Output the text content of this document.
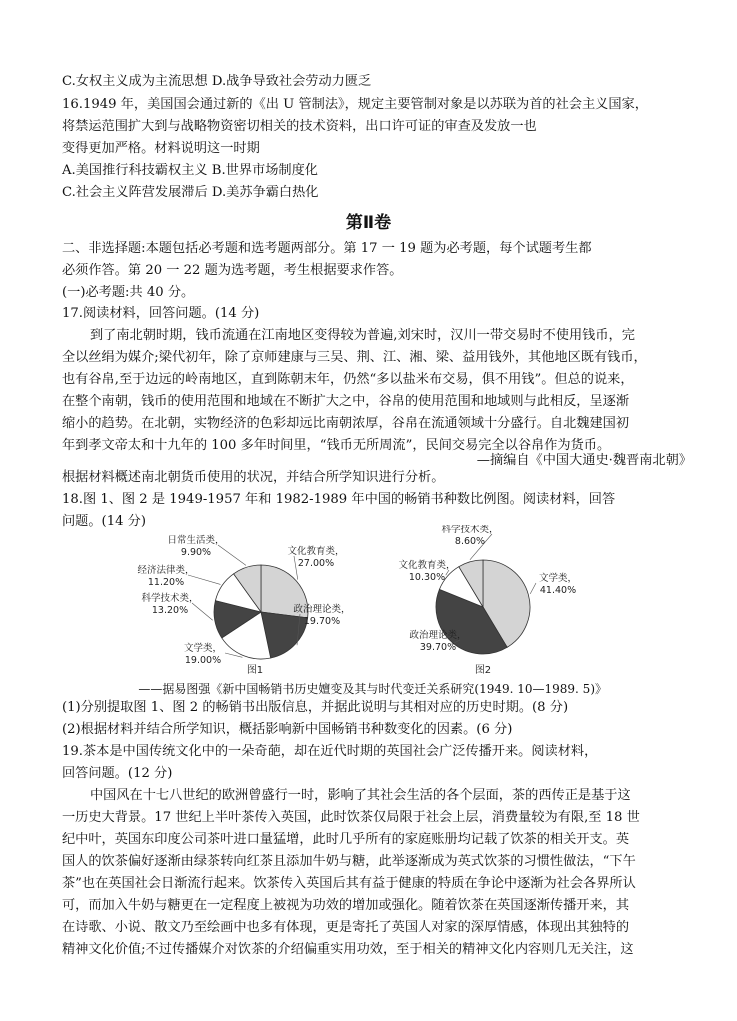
C.女权主义成为主流思想 D.战争导致社会劳动力匮乏
16.1949 年，美国国会通过新的《出 U 管制法》，规定主要管制对象是以苏联为首的社会主义国家，
将禁运范围扩大到与战略物资密切相关的技术资料，出口许可证的审查及发放一也
变得更加严格。材料说明这一时期
A.美国推行科技霸权主义 B.世界市场制度化
C.社会主义阵营发展滞后 D.美苏争霸白热化
第Ⅱ卷
二、非选择题:本题包括必考题和选考题两部分。第 17 一 19 题为必考题，每个试题考生都
必须作答。第 20 一 22 题为选考题，考生根据要求作答。
(一)必考题:共 40 分。
17.阅读材料，回答问题。(14 分)
到了南北朝时期，钱币流通在江南地区变得较为普遍,刘宋时，汉川一带交易时不使用钱币，完
全以丝绢为媒介;梁代初年，除了京师建康与三吴、荆、江、湘、梁、益用钱外，其他地区既有钱币，
也有谷帛,至于边远的岭南地区，直到陈朝末年，仍然“多以盐米布交易，俱不用钱”。但总的说来，
在整个南朝，钱币的使用范围和地域在不断扩大之中，谷帛的使用范围和地域则与此相反，呈逐渐
缩小的趋势。在北朝，实物经济的色彩却远比南朝浓厚，谷帛在流通领域十分盛行。自北魏建国初
年到孝文帝太和十九年的 100 多年时间里，“钱币无所周流”，民间交易完全以谷帛作为货币。
—摘编自《中国大通史·魏晋南北朝》
根据材料概述南北朝货币使用的状况，并结合所学知识进行分析。
18.图 1、图 2 是 1949-1957 年和 1982-1989 年中国的畅销书种数比例图。阅读材料，回答
问题。(14 分)
文化教育类，
27.00%
政治理论类，
19.70%
文学类，
19.00%
科学技术类，
13.20%
经济法律类，
11.20%
日常生活类，
9.90%
图1
文学类，
41.40%
政治理论类，
39.70%
文化教育类，
10.30%
科学技术类，
8.60%
图2
——据易图强《新中国畅销书历史嬗变及其与时代变迁关系研究(1949. 10—1989. 5)》
(1)分别提取图 1、图 2 的畅销书出版信息，并据此说明与其相对应的历史时期。(8 分)
(2)根据材料并结合所学知识，概括影响新中国畅销书种数变化的因素。(6 分)
19.茶本是中国传统文化中的一朵奇葩，却在近代时期的英国社会广泛传播开来。阅读材料，
回答问题。(12 分)
中国风在十七八世纪的欧洲曾盛行一时，影响了其社会生活的各个层面，茶的西传正是基于这
一历史大背景。17 世纪上半叶茶传入英国，此时饮茶仅局限于社会上层，消费量较为有限,至 18 世
纪中叶，英国东印度公司茶叶进口量猛增，此时几乎所有的家庭账册均记载了饮茶的相关开支。英
国人的饮茶偏好逐渐由绿茶转向红茶且添加牛奶与糖，此举逐渐成为英式饮茶的习惯性做法，“下午
茶”也在英国社会日渐流行起来。饮茶传入英国后其有益于健康的特质在争论中逐渐为社会各界所认
可，而加入牛奶与糖更在一定程度上被视为功效的增加或强化。随着饮茶在英国逐渐传播开来，其
在诗歌、小说、散文乃至绘画中也多有体现，更是寄托了英国人对家的深厚情感，体现出其独特的
精神文化价值;不过传播媒介对饮茶的介绍偏重实用功效，至于相关的精神文化内容则几无关注，这
